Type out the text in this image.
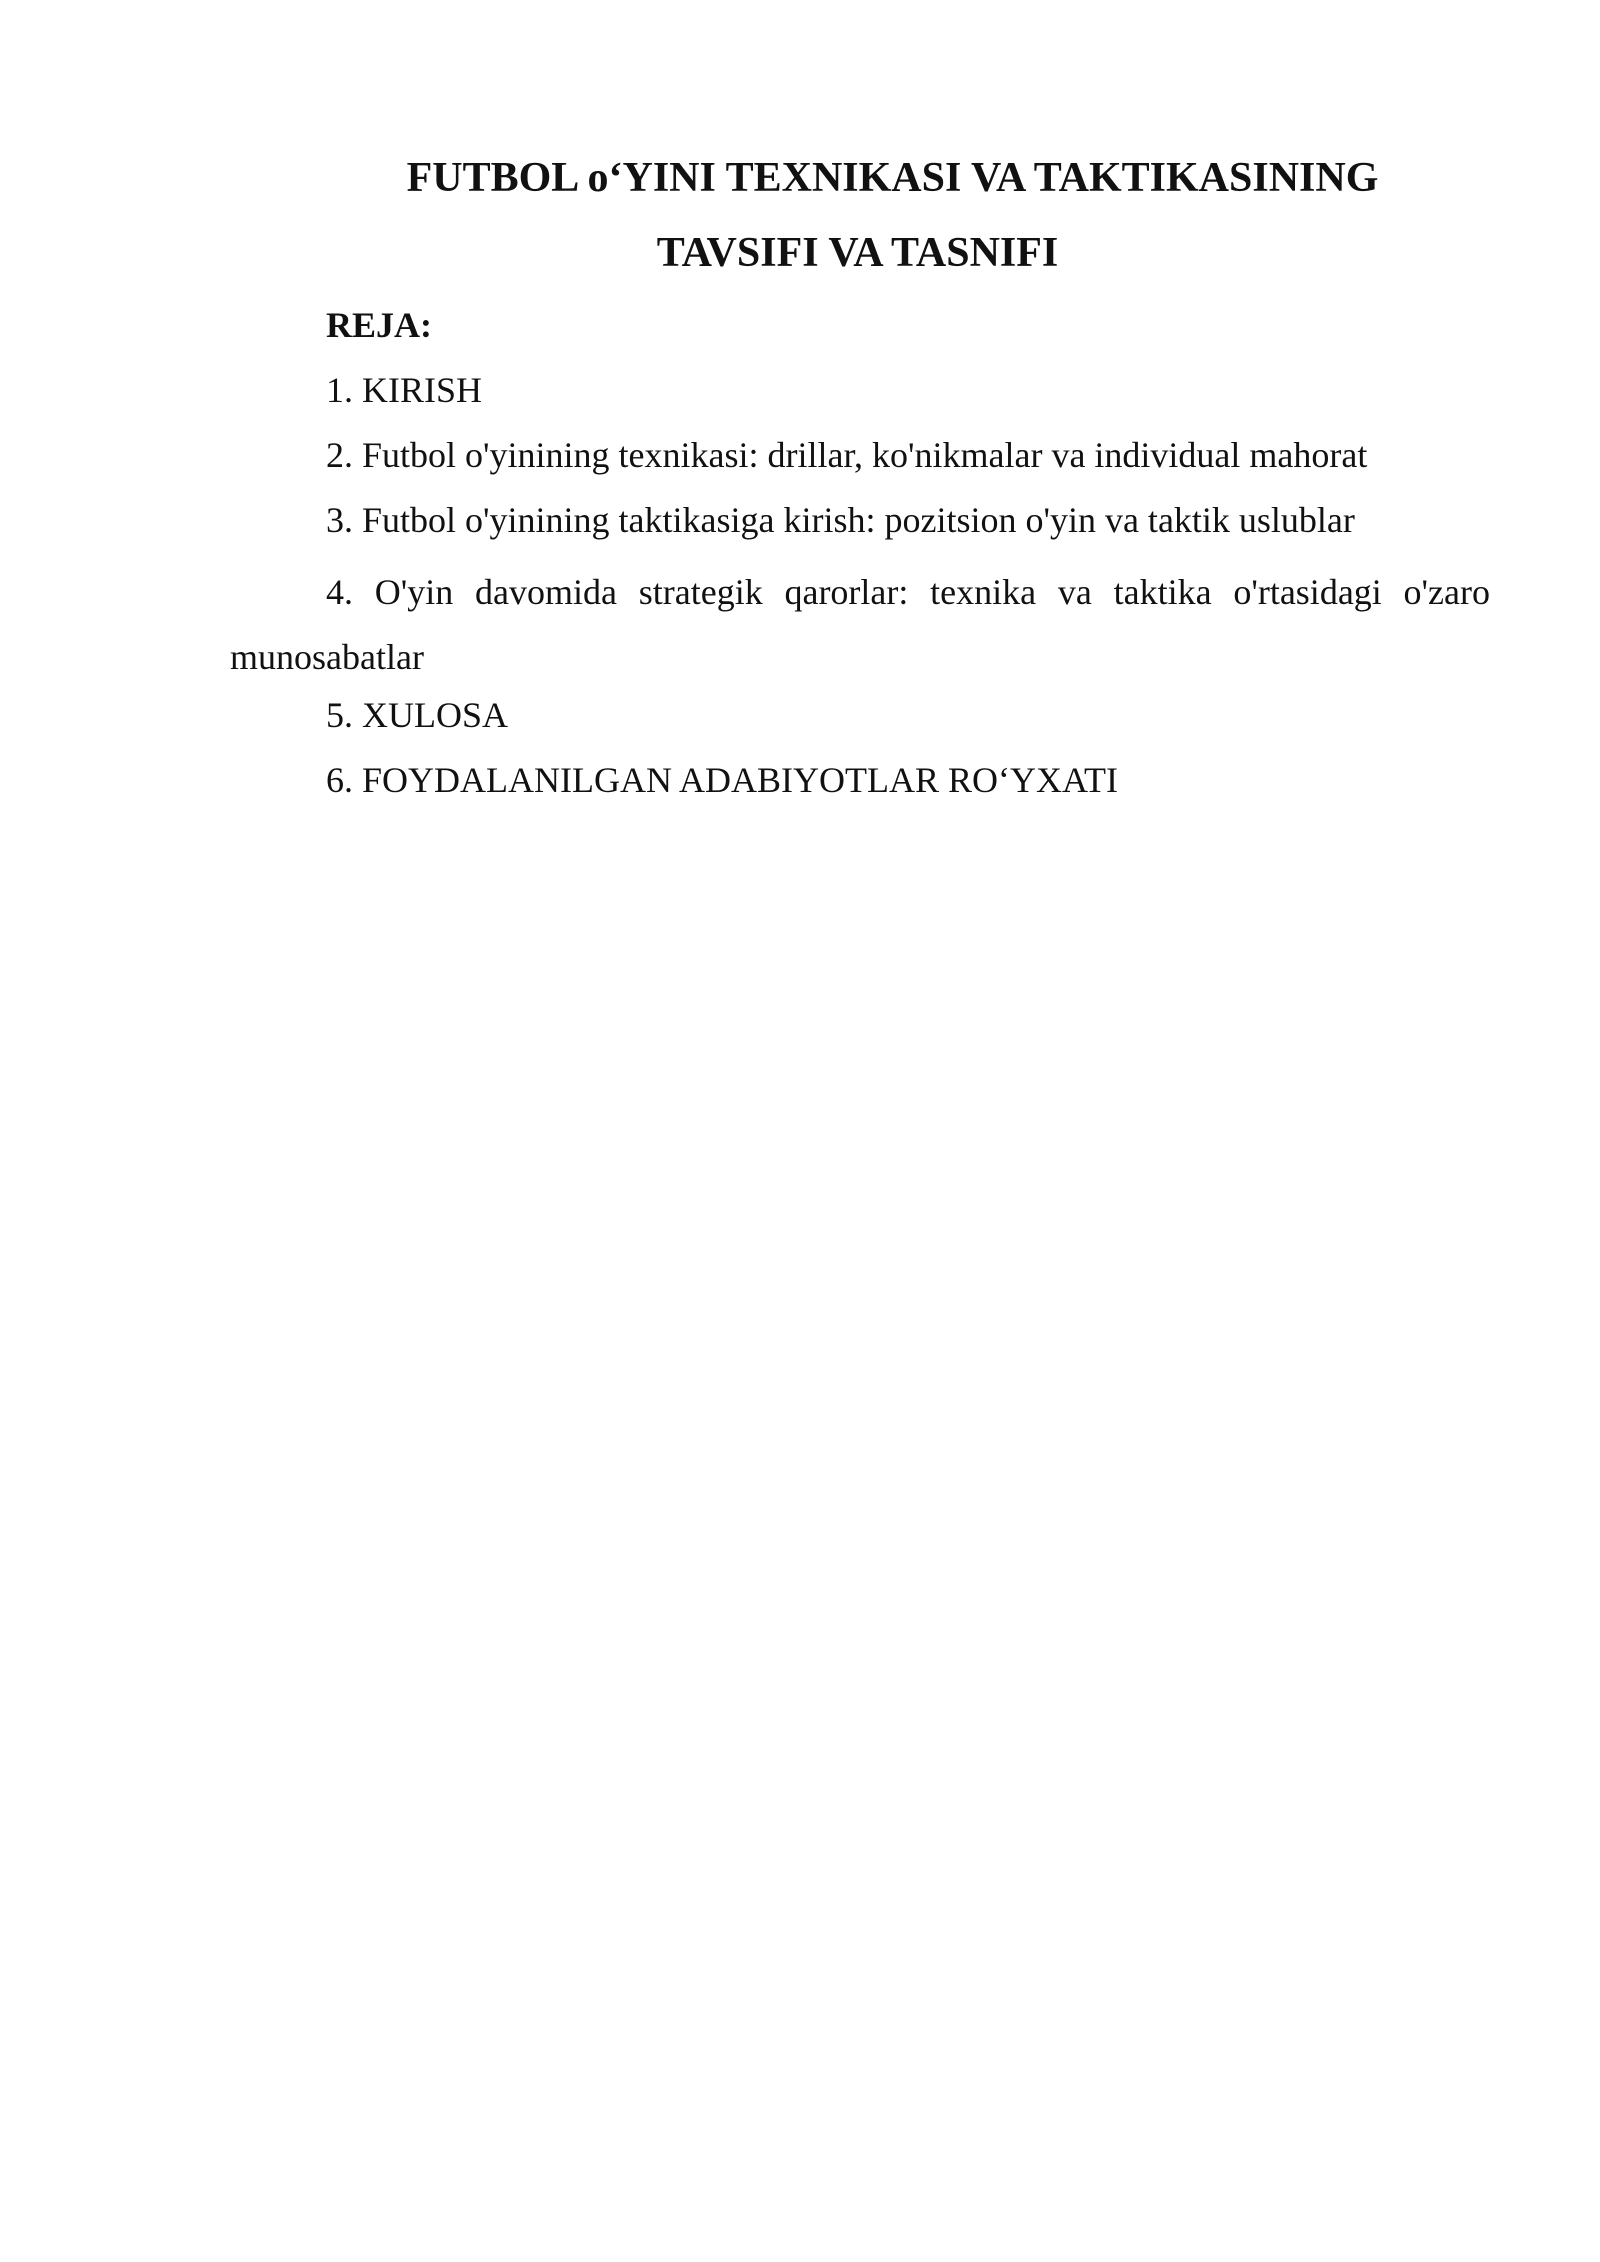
FUTBOL o‘YINI TEXNIKASI VA TAKTIKASINING
TAVSIFI VA TASNIFI

REJA:

1. KIRISH

2. Futbol o'yinining texnikasi: drillar, ko'nikmalar va individual mahorat

3. Futbol o'yinining taktikasiga kirish: pozitsion o'yin va taktik uslublar

4. O'yin davomida strategik qarorlar: texnika va taktika o'rtasidagi o'zaro munosabatlar

5. XULOSA

6. FOYDALANILGAN ADABIYOTLAR RO‘YXATI
